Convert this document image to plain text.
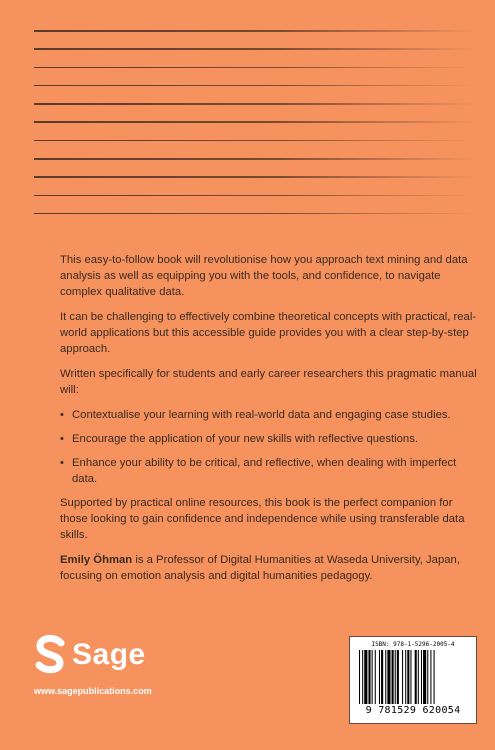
This easy-to-follow book will revolutionise how you approach text mining and data analysis as well as equipping you with the tools, and confidence, to navigate complex qualitative data.

It can be challenging to effectively combine theoretical concepts with practical, real-world applications but this accessible guide provides you with a clear step-by-step approach.

Written specifically for students and early career researchers this pragmatic manual will:

• Contextualise your learning with real-world data and engaging case studies.
• Encourage the application of your new skills with reflective questions.
• Enhance your ability to be critical, and reflective, when dealing with imperfect data.

Supported by practical online resources, this book is the perfect companion for those looking to gain confidence and independence while using transferable data skills.

Emily Öhman is a Professor of Digital Humanities at Waseda University, Japan, focusing on emotion analysis and digital humanities pedagogy.

Sage
www.sagepublications.com
ISBN: 978-1-5296-2005-4
9 781529 620054
